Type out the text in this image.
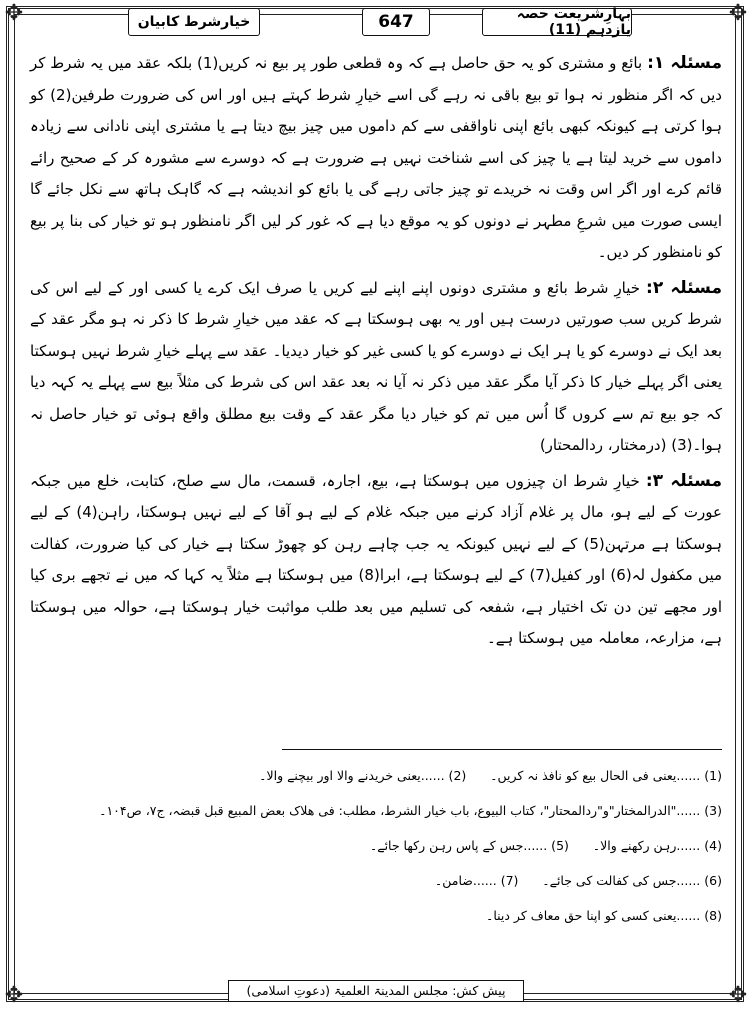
✥	✥
✥	✥
خیارشرط کابیان	647	بہارِشریعت حصہ یازدہم (11)

مسئلہ ۱: بائع و مشتری کو یہ حق حاصل ہے کہ وہ قطعی طور پر بیع نہ کریں(1) بلکہ عقد میں یہ شرط کر دیں کہ اگر منظور نہ ہوا تو بیع باقی نہ رہے گی اسے خیارِ شرط کہتے ہیں اور اس کی ضرورت طرفین(2) کو ہوا کرتی ہے کیونکہ کبھی بائع اپنی ناواقفی سے کم داموں میں چیز بیچ دیتا ہے یا مشتری اپنی نادانی سے زیادہ داموں سے خرید لیتا ہے یا چیز کی اسے شناخت نہیں ہے ضرورت ہے کہ دوسرے سے مشورہ کر کے صحیح رائے قائم کرے اور اگر اس وقت نہ خریدے تو چیز جاتی رہے گی یا بائع کو اندیشہ ہے کہ گاہک ہاتھ سے نکل جائے گا ایسی صورت میں شرعِ مطہر نے دونوں کو یہ موقع دیا ہے کہ غور کر لیں اگر نامنظور ہو تو خیار کی بنا پر بیع کو نامنظور کر دیں۔

مسئلہ ۲: خیارِ شرط بائع و مشتری دونوں اپنے اپنے لیے کریں یا صرف ایک کرے یا کسی اور کے لیے اس کی شرط کریں سب صورتیں درست ہیں اور یہ بھی ہوسکتا ہے کہ عقد میں خیارِ شرط کا ذکر نہ ہو مگر عقد کے بعد ایک نے دوسرے کو یا ہر ایک نے دوسرے کو یا کسی غیر کو خیار دیدیا۔ عقد سے پہلے خیارِ شرط نہیں ہوسکتا یعنی اگر پہلے خیار کا ذکر آیا مگر عقد میں ذکر نہ آیا نہ بعد عقد اس کی شرط کی مثلاً بیع سے پہلے یہ کہہ دیا کہ جو بیع تم سے کروں گا اُس میں تم کو خیار دیا مگر عقد کے وقت بیع مطلق واقع ہوئی تو خیار حاصل نہ ہوا۔(3) (درمختار، ردالمحتار)

مسئلہ ۳: خیارِ شرط ان چیزوں میں ہوسکتا ہے، بیع، اجارہ، قسمت، مال سے صلح، کتابت، خلع میں جبکہ عورت کے لیے ہو، مال پر غلام آزاد کرنے میں جبکہ غلام کے لیے ہو آقا کے لیے نہیں ہوسکتا، راہن(4) کے لیے ہوسکتا ہے مرتہن(5) کے لیے نہیں کیونکہ یہ جب چاہے رہن کو چھوڑ سکتا ہے خیار کی کیا ضرورت، کفالت میں مکفول لہ(6) اور کفیل(7) کے لیے ہوسکتا ہے، ابرا(8) میں ہوسکتا ہے مثلاً یہ کہا کہ میں نے تجھے بری کیا اور مجھے تین دن تک اختیار ہے، شفعہ کی تسلیم میں بعد طلب مواثبت خیار ہوسکتا ہے، حوالہ میں ہوسکتا ہے، مزارعہ، معاملہ میں ہوسکتا ہے۔

(1)......یعنی فی الحال بیع کو نافذ نہ کریں۔     (2) ......یعنی خریدنے والا اور بیچنے والا۔
(3)......"الدرالمختار"و"ردالمحتار"، کتاب البیوع، باب خیار الشرط، مطلب: فی ھلاک بعض المبیع قبل قبضہ، ج۷، ص۱۰۴۔
(4)......رہن رکھنے والا۔     (5) ......جس کے پاس رہن رکھا جائے۔
(6)......جس کی کفالت کی جائے۔     (7) ......ضامن۔
(8)......یعنی کسی کو اپنا حق معاف کر دینا۔
پیش کش: مجلس المدینۃ العلمیۃ (دعوتِ اسلامی)
